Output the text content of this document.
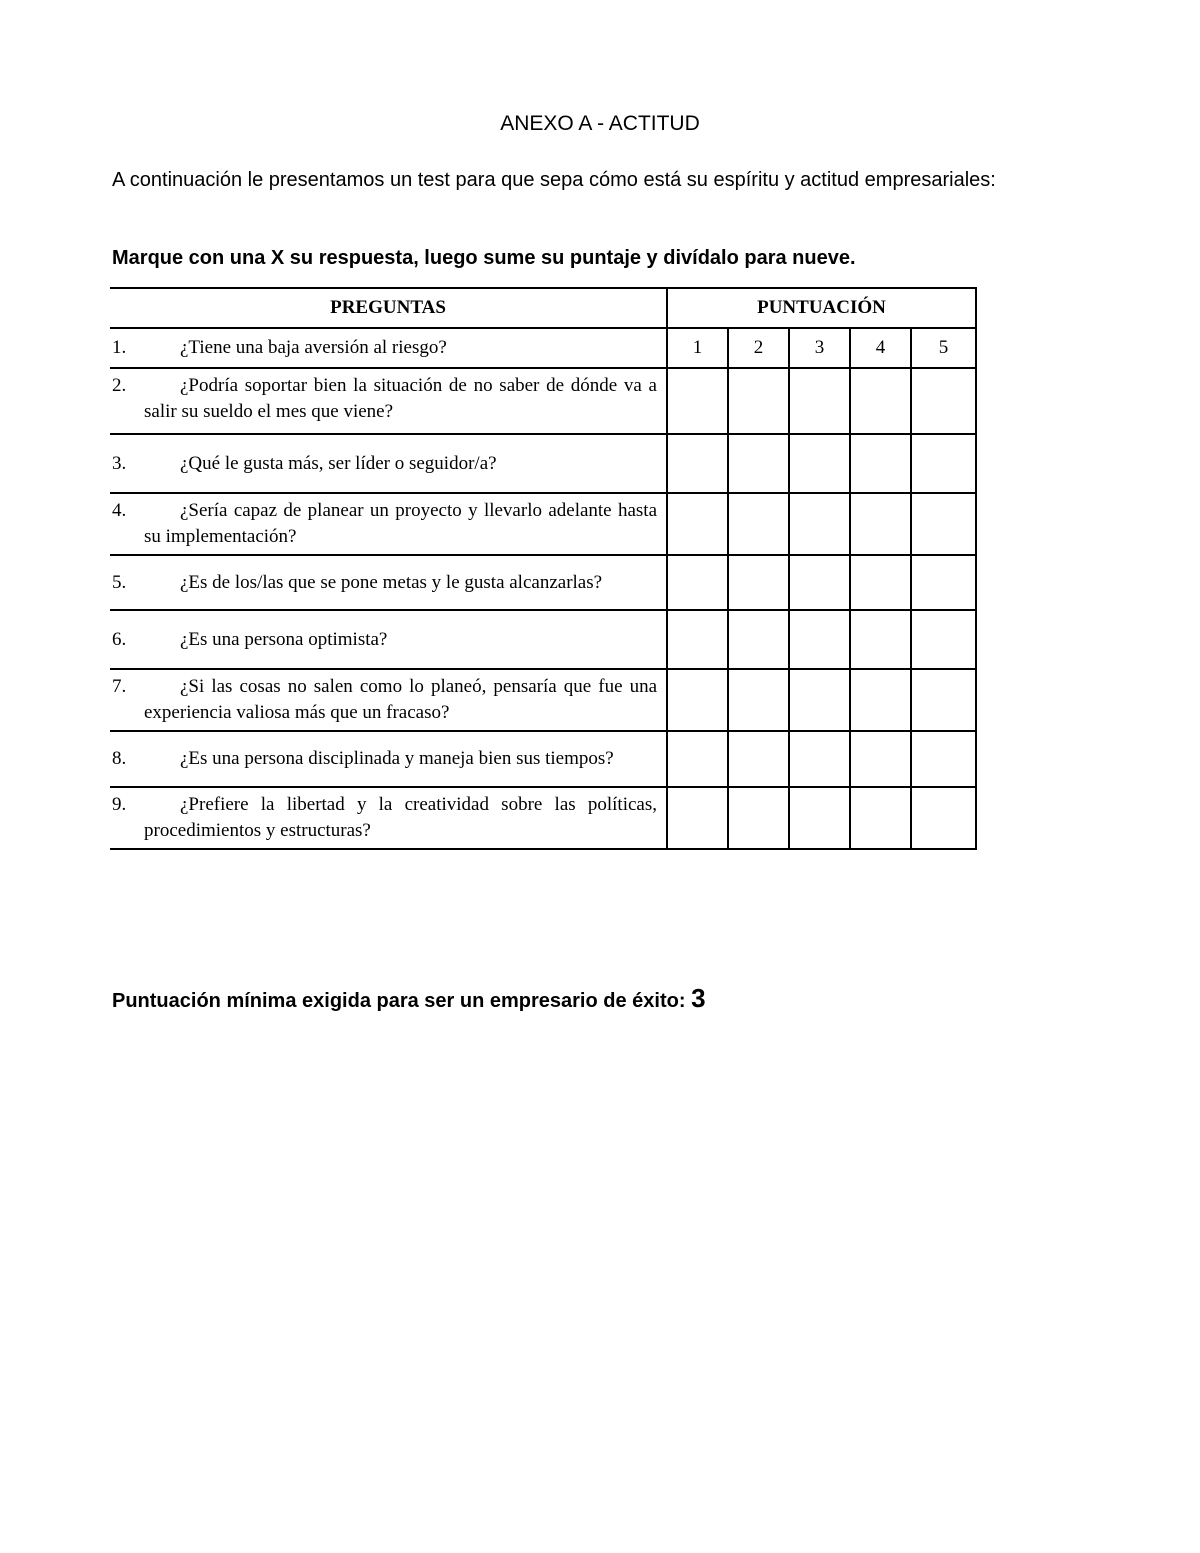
ANEXO A - ACTITUD

A continuación le presentamos un test para que sepa cómo está su espíritu y actitud empresariales:

Marque con una X su respuesta, luego sume su puntaje y divídalo para nueve.

PREGUNTAS	PUNTUACIÓN				

1. ¿Tiene una baja aversión al riesgo?	1	2	3	4	5

2. ¿Podría soportar bien la situación de no saber de dónde va a salir su sueldo el mes que viene?					

3. ¿Qué le gusta más, ser líder o seguidor/a?					

4. ¿Sería capaz de planear un proyecto y llevarlo adelante hasta su implementación?					

5. ¿Es de los/las que se pone metas y le gusta alcanzarlas?					

6. ¿Es una persona optimista?					

7. ¿Si las cosas no salen como lo planeó, pensaría que fue una experiencia valiosa más que un fracaso?					

8. ¿Es una persona disciplinada y maneja bien sus tiempos?					

9. ¿Prefiere la libertad y la creatividad sobre las políticas, procedimientos y estructuras?					

Puntuación mínima exigida para ser un empresario de éxito: 3
